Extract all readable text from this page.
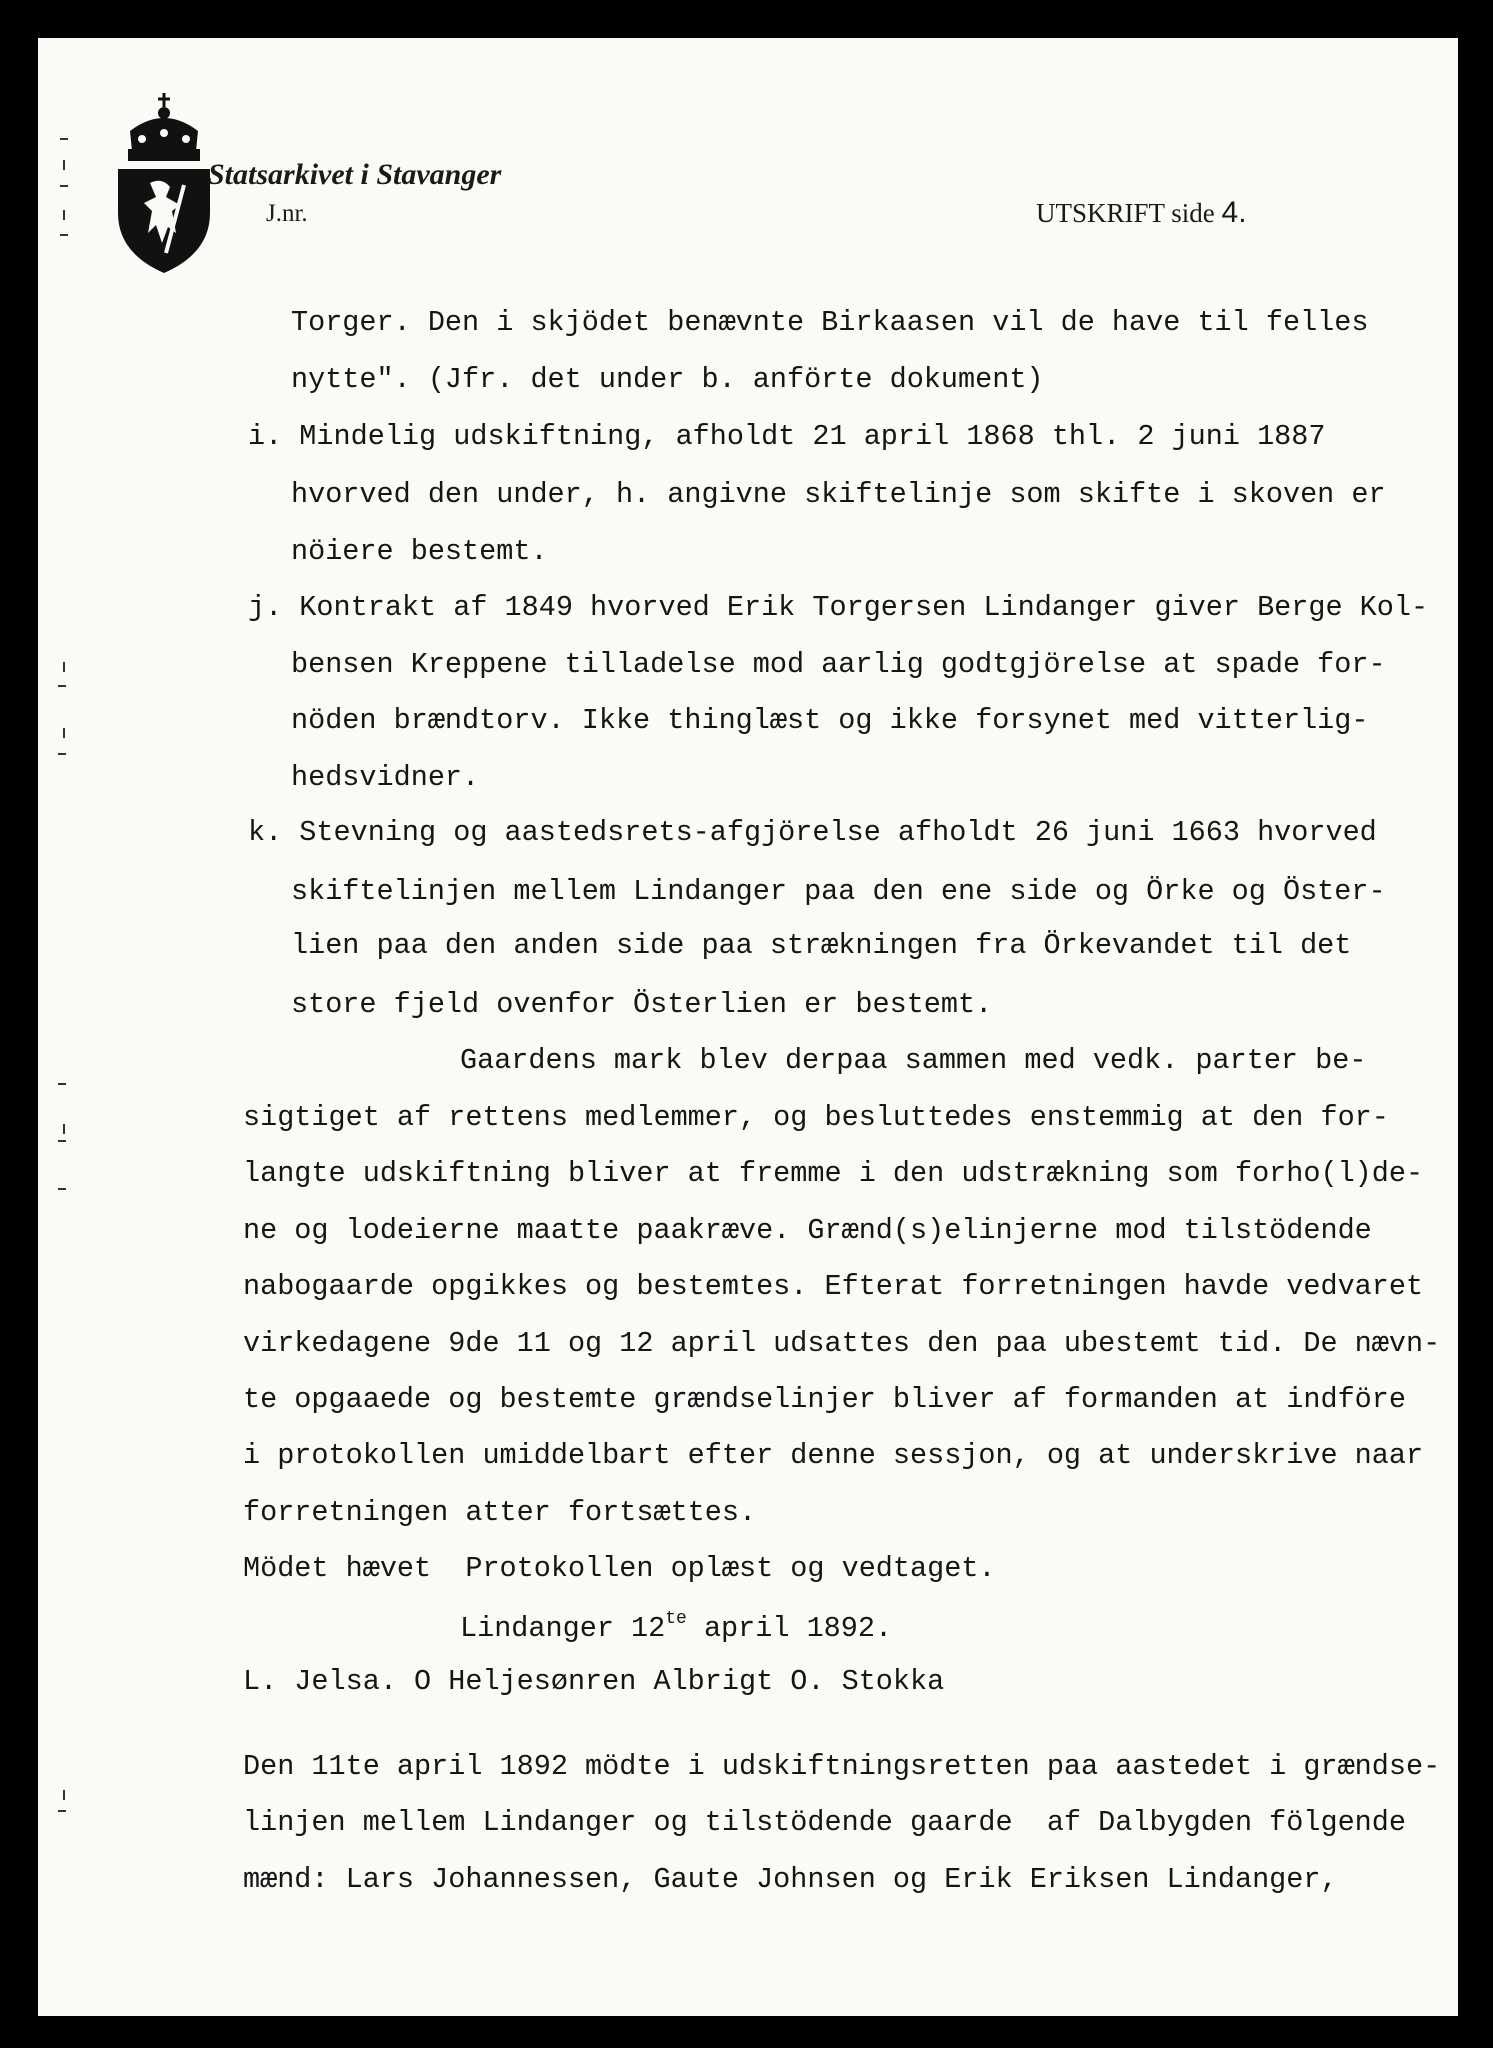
Statsarkivet i Stavanger
J.nr.	UTSKRIFT side 4.
Torger. Den i skjödet benævnte Birkaasen vil de have til felles
nytte". (Jfr. det under b. anförte dokument)
i. Mindelig udskiftning, afholdt 21 april 1868 thl. 2 juni 1887
hvorved den under, h. angivne skiftelinje som skifte i skoven er
nöiere bestemt.
j. Kontrakt af 1849 hvorved Erik Torgersen Lindanger giver Berge Kol-
bensen Kreppene tilladelse mod aarlig godtgjörelse at spade for-
nöden brændtorv. Ikke thinglæst og ikke forsynet med vitterlig-
hedsvidner.
k. Stevning og aastedsrets-afgjörelse afholdt 26 juni 1663 hvorved
skiftelinjen mellem Lindanger paa den ene side og Örke og Öster-
lien paa den anden side paa strækningen fra Örkevandet til det
store fjeld ovenfor Österlien er bestemt.
Gaardens mark blev derpaa sammen med vedk. parter be-
sigtiget af rettens medlemmer, og besluttedes enstemmig at den for-
langte udskiftning bliver at fremme i den udstrækning som forho(l)de-
ne og lodeierne maatte paakræve. Grænd(s)elinjerne mod tilstödende
nabogaarde opgikkes og bestemtes. Efterat forretningen havde vedvaret
virkedagene 9de 11 og 12 april udsattes den paa ubestemt tid. De nævn-
te opgaaede og bestemte grændselinjer bliver af formanden at indföre
i protokollen umiddelbart efter denne sessjon, og at underskrive naar
forretningen atter fortsættes.
Mödet hævet  Protokollen oplæst og vedtaget.
Lindanger $12^{te}$ april 1892.
L. Jelsa. O Heljesønren Albrigt O. Stokka
Den 11te april 1892 mödte i udskiftningsretten paa aastedet i grændse-
linjen mellem Lindanger og tilstödende gaarde  af Dalbygden fölgende
mænd: Lars Johannessen, Gaute Johnsen og Erik Eriksen Lindanger,
